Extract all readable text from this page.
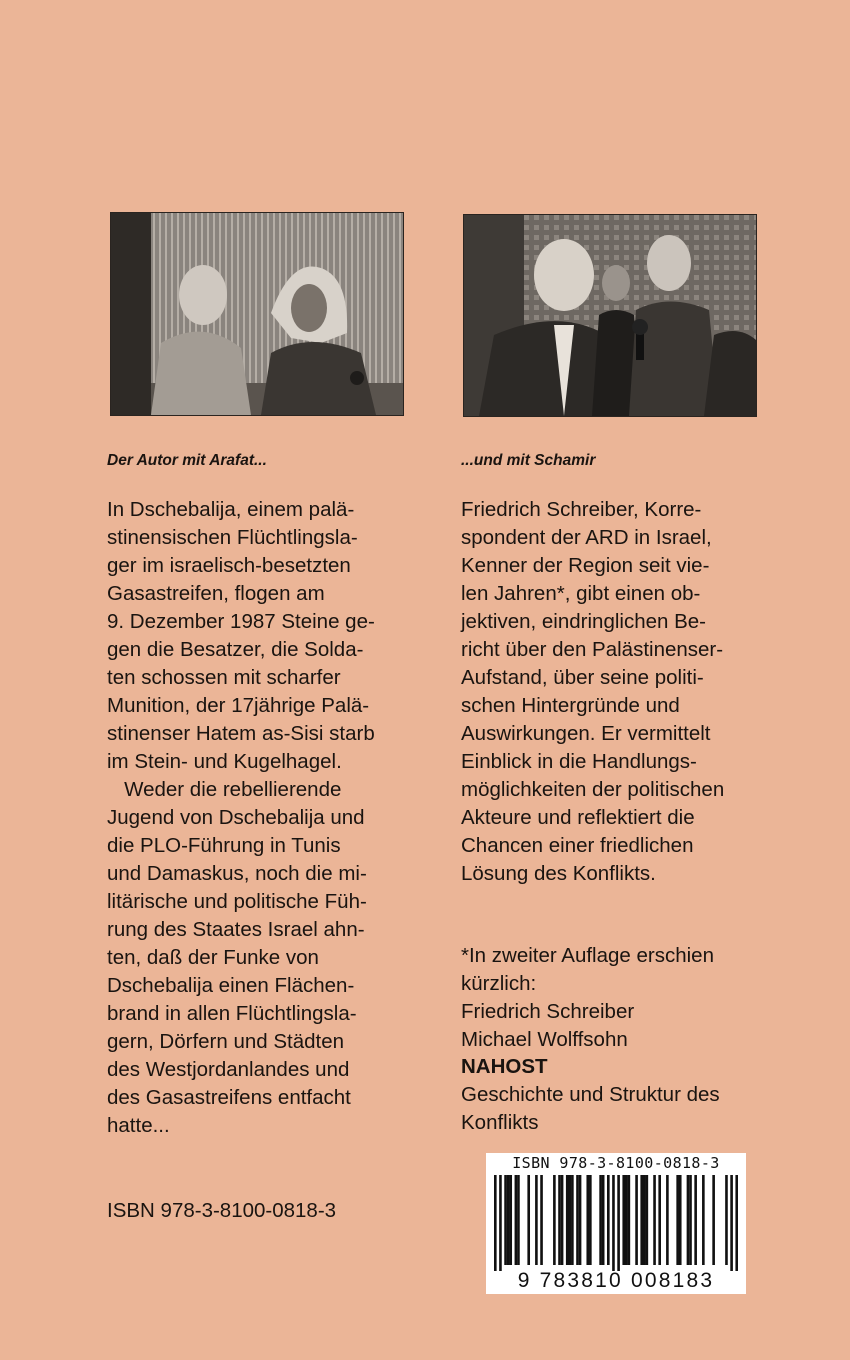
Der Autor mit Arafat...	...und mit Schamir
In Dschebalija, einem palä-
stinensischen Flüchtlingsla-
ger im israelisch-besetzten
Gasastreifen, flogen am
9. Dezember 1987 Steine ge-
gen die Besatzer, die Solda-
ten schossen mit scharfer
Munition, der 17jährige Palä-
stinenser Hatem as-Sisi starb
im Stein- und Kugelhagel.
Weder die rebellierende
Jugend von Dschebalija und
die PLO-Führung in Tunis
und Damaskus, noch die mi-
litärische und politische Füh-
rung des Staates Israel ahn-
ten, daß der Funke von
Dschebalija einen Flächen-
brand in allen Flüchtlingsla-
gern, Dörfern und Städten
des Westjordanlandes und
des Gasastreifens entfacht
hatte...
Friedrich Schreiber, Korre-
spondent der ARD in Israel,
Kenner der Region seit vie-
len Jahren*, gibt einen ob-
jektiven, eindringlichen Be-
richt über den Palästinenser-
Aufstand, über seine politi-
schen Hintergründe und
Auswirkungen. Er vermittelt
Einblick in die Handlungs-
möglichkeiten der politischen
Akteure und reflektiert die
Chancen einer friedlichen
Lösung des Konflikts.
*In zweiter Auflage erschien
kürzlich:
Friedrich Schreiber
Michael Wolffsohn
NAHOST
Geschichte und Struktur des
Konflikts
ISBN 978-3-8100-0818-3
ISBN 978-3-8100-0818-3
9 783810 008183
